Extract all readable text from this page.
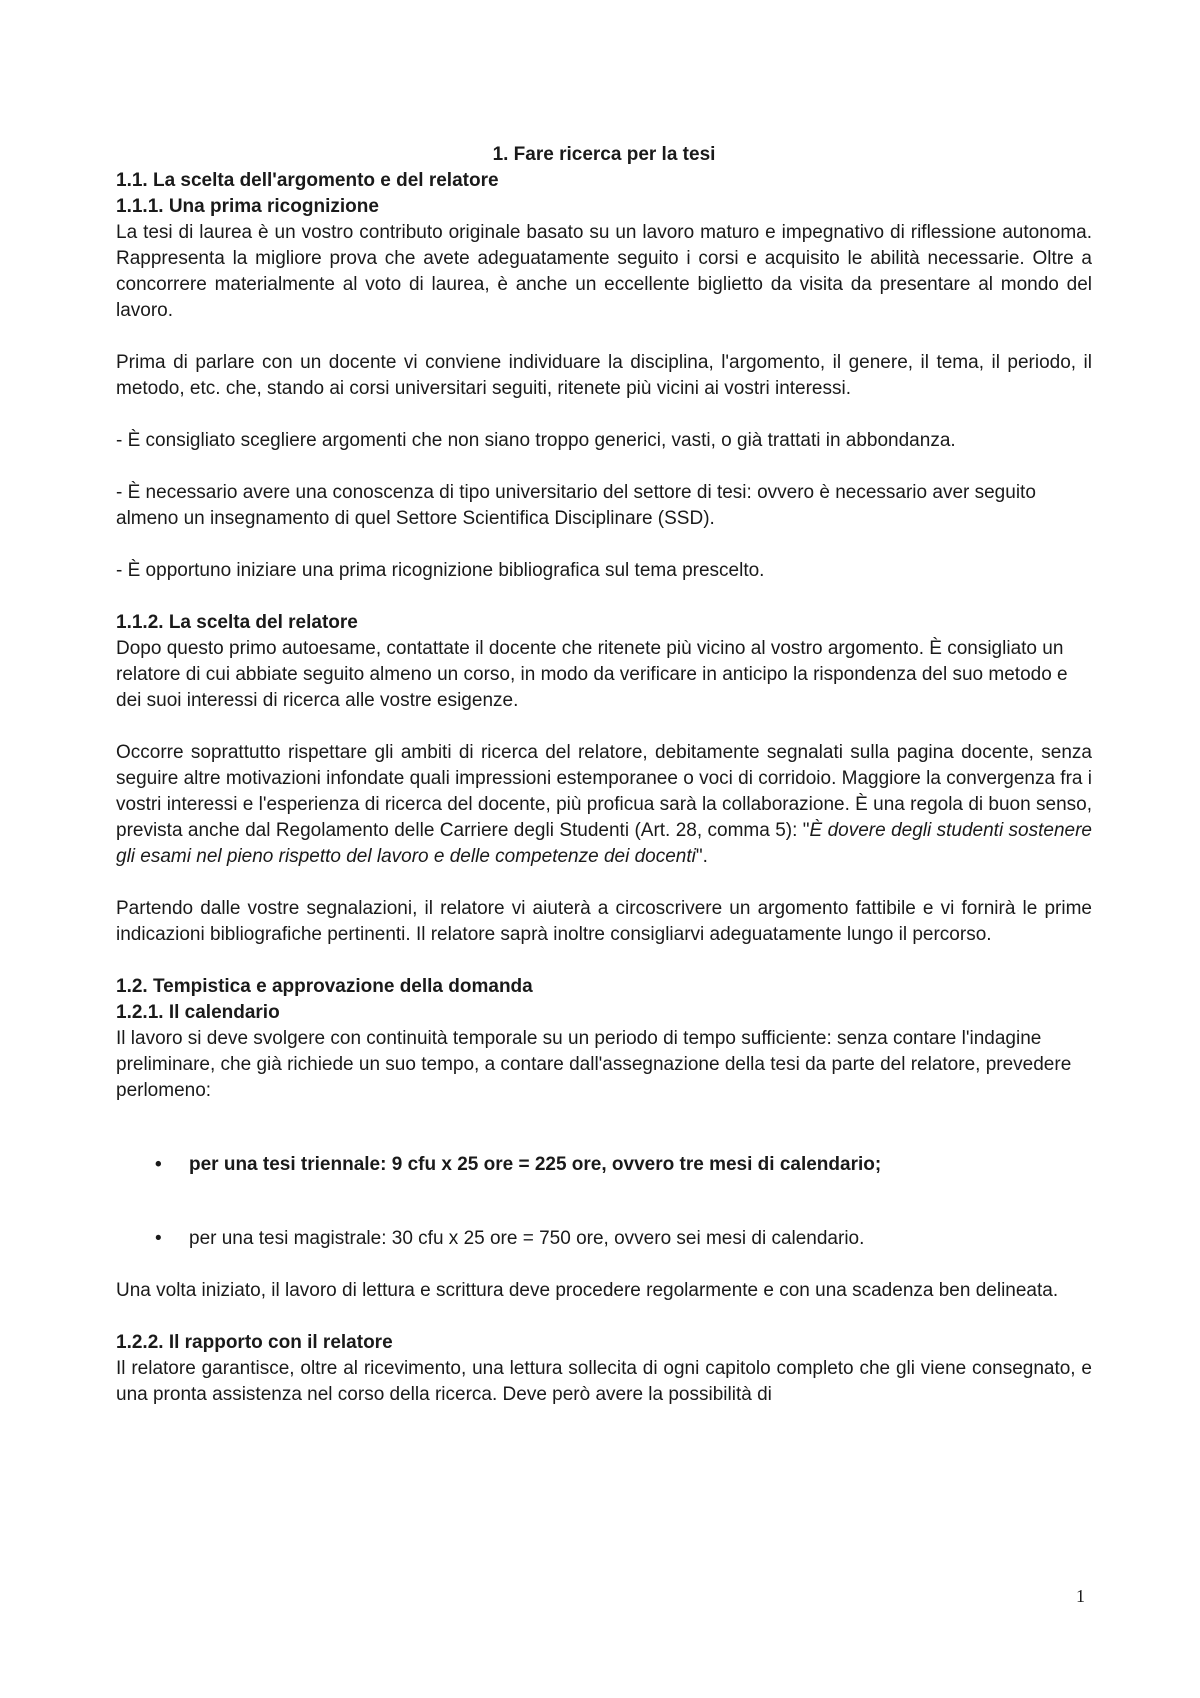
1. Fare ricerca per la tesi
1.1. La scelta dell'argomento e del relatore
1.1.1. Una prima ricognizione

La tesi di laurea è un vostro contributo originale basato su un lavoro maturo e impegnativo di riflessione autonoma. Rappresenta la migliore prova che avete adeguatamente seguito i corsi e acquisito le abilità necessarie. Oltre a concorrere materialmente al voto di laurea, è anche un eccellente biglietto da visita da presentare al mondo del lavoro.

Prima di parlare con un docente vi conviene individuare la disciplina, l'argomento, il genere, il tema, il periodo, il metodo, etc. che, stando ai corsi universitari seguiti, ritenete più vicini ai vostri interessi.

- È consigliato scegliere argomenti che non siano troppo generici, vasti, o già trattati in abbondanza.

- È necessario avere una conoscenza di tipo universitario del settore di tesi: ovvero è necessario aver seguito almeno un insegnamento di quel Settore Scientifica Disciplinare (SSD).

- È opportuno iniziare una prima ricognizione bibliografica sul tema prescelto.

1.1.2. La scelta del relatore

Dopo questo primo autoesame, contattate il docente che ritenete più vicino al vostro argomento. È consigliato un relatore di cui abbiate seguito almeno un corso, in modo da verificare in anticipo la rispondenza del suo metodo e dei suoi interessi di ricerca alle vostre esigenze.

Occorre soprattutto rispettare gli ambiti di ricerca del relatore, debitamente segnalati sulla pagina docente, senza seguire altre motivazioni infondate quali impressioni estemporanee o voci di corridoio. Maggiore la convergenza fra i vostri interessi e l'esperienza di ricerca del docente, più proficua sarà la collaborazione. È una regola di buon senso, prevista anche dal Regolamento delle Carriere degli Studenti (Art. 28, comma 5): "È dovere degli studenti sostenere gli esami nel pieno rispetto del lavoro e delle competenze dei docenti".

Partendo dalle vostre segnalazioni, il relatore vi aiuterà a circoscrivere un argomento fattibile e vi fornirà le prime indicazioni bibliografiche pertinenti. Il relatore saprà inoltre consigliarvi adeguatamente lungo il percorso.

1.2. Tempistica e approvazione della domanda
1.2.1. Il calendario

Il lavoro si deve svolgere con continuità temporale su un periodo di tempo sufficiente: senza contare l'indagine preliminare, che già richiede un suo tempo, a contare dall'assegnazione della tesi da parte del relatore, prevedere perlomeno:

• per una tesi triennale: 9 cfu x 25 ore = 225 ore, ovvero tre mesi di calendario;
• per una tesi magistrale: 30 cfu x 25 ore = 750 ore, ovvero sei mesi di calendario.

Una volta iniziato, il lavoro di lettura e scrittura deve procedere regolarmente e con una scadenza ben delineata.

1.2.2. Il rapporto con il relatore

Il relatore garantisce, oltre al ricevimento, una lettura sollecita di ogni capitolo completo che gli viene consegnato, e una pronta assistenza nel corso della ricerca. Deve però avere la possibilità di

1
